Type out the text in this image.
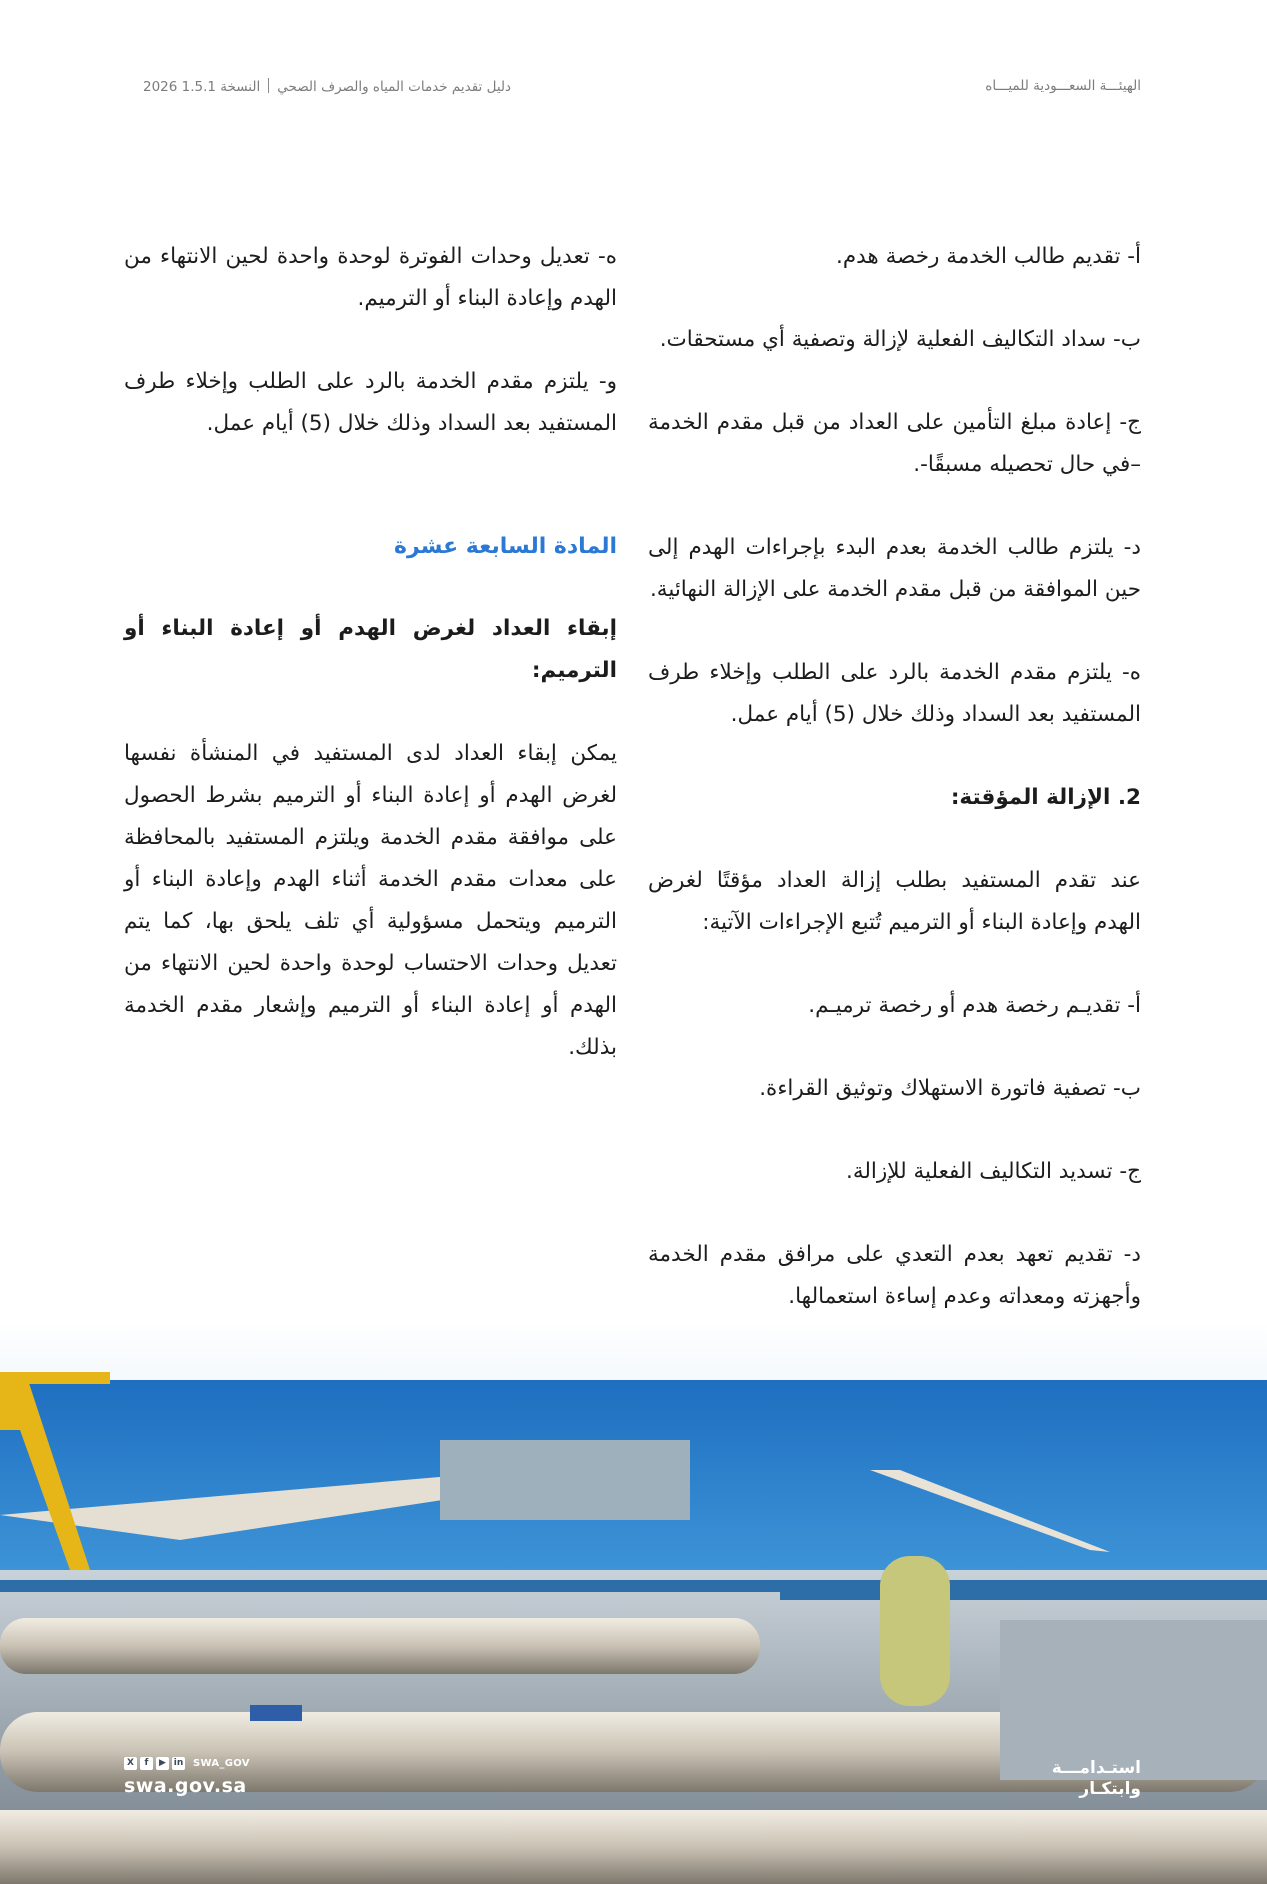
الهيئـــة السعـــودية للميـــاه
دليل تقديم خدمات المياه والصرف الصحيالنسخة 1.5.1 2026

أ- تقديم طالب الخدمة رخصة هدم.

ب- سداد التكاليف الفعلية لإزالة وتصفية أي مستحقات.

ج- إعادة مبلغ التأمين على العداد من قبل مقدم الخدمة –في حال تحصيله مسبقًا-.

د- يلتزم طالب الخدمة بعدم البدء بإجراءات الهدم إلى حين الموافقة من قبل مقدم الخدمة على الإزالة النهائية.

ه- يلتزم مقدم الخدمة بالرد على الطلب وإخلاء طرف المستفيد بعد السداد وذلك خلال (5) أيام عمل.

2. الإزالة المؤقتة:

عند تقدم المستفيد بطلب إزالة العداد مؤقتًا لغرض الهدم وإعادة البناء أو الترميم تُتبع الإجراءات الآتية:

أ- تقديـم رخصة هدم أو رخصة ترميـم.

ب- تصفية فاتورة الاستهلاك وتوثيق القراءة.

ج- تسديد التكاليف الفعلية للإزالة.

د- تقديم تعهد بعدم التعدي على مرافق مقدم الخدمة وأجهزته ومعداته وعدم إساءة استعمالها.

ه- تعديل وحدات الفوترة لوحدة واحدة لحين الانتهاء من الهدم وإعادة البناء أو الترميم.

و- يلتزم مقدم الخدمة بالرد على الطلب وإخلاء طرف المستفيد بعد السداد وذلك خلال (5) أيام عمل.

المادة السابعة عشرة

إبقاء العداد لغرض الهدم أو إعادة البناء أو الترميم:

يمكن إبقاء العداد لدى المستفيد في المنشأة نفسها لغرض الهدم أو إعادة البناء أو الترميم بشرط الحصول على موافقة مقدم الخدمة ويلتزم المستفيد بالمحافظة على معدات مقدم الخدمة أثناء الهدم وإعادة البناء أو الترميم ويتحمل مسؤولية أي تلف يلحق بها، كما يتم تعديل وحدات الاحتساب لوحدة واحدة لحين الانتهاء من الهدم أو إعادة البناء أو الترميم وإشعار مقدم الخدمة بذلك.

X	f	▶ in SWA_GOV
swa.gov.sa
استـدامـــة
وابتكـار
